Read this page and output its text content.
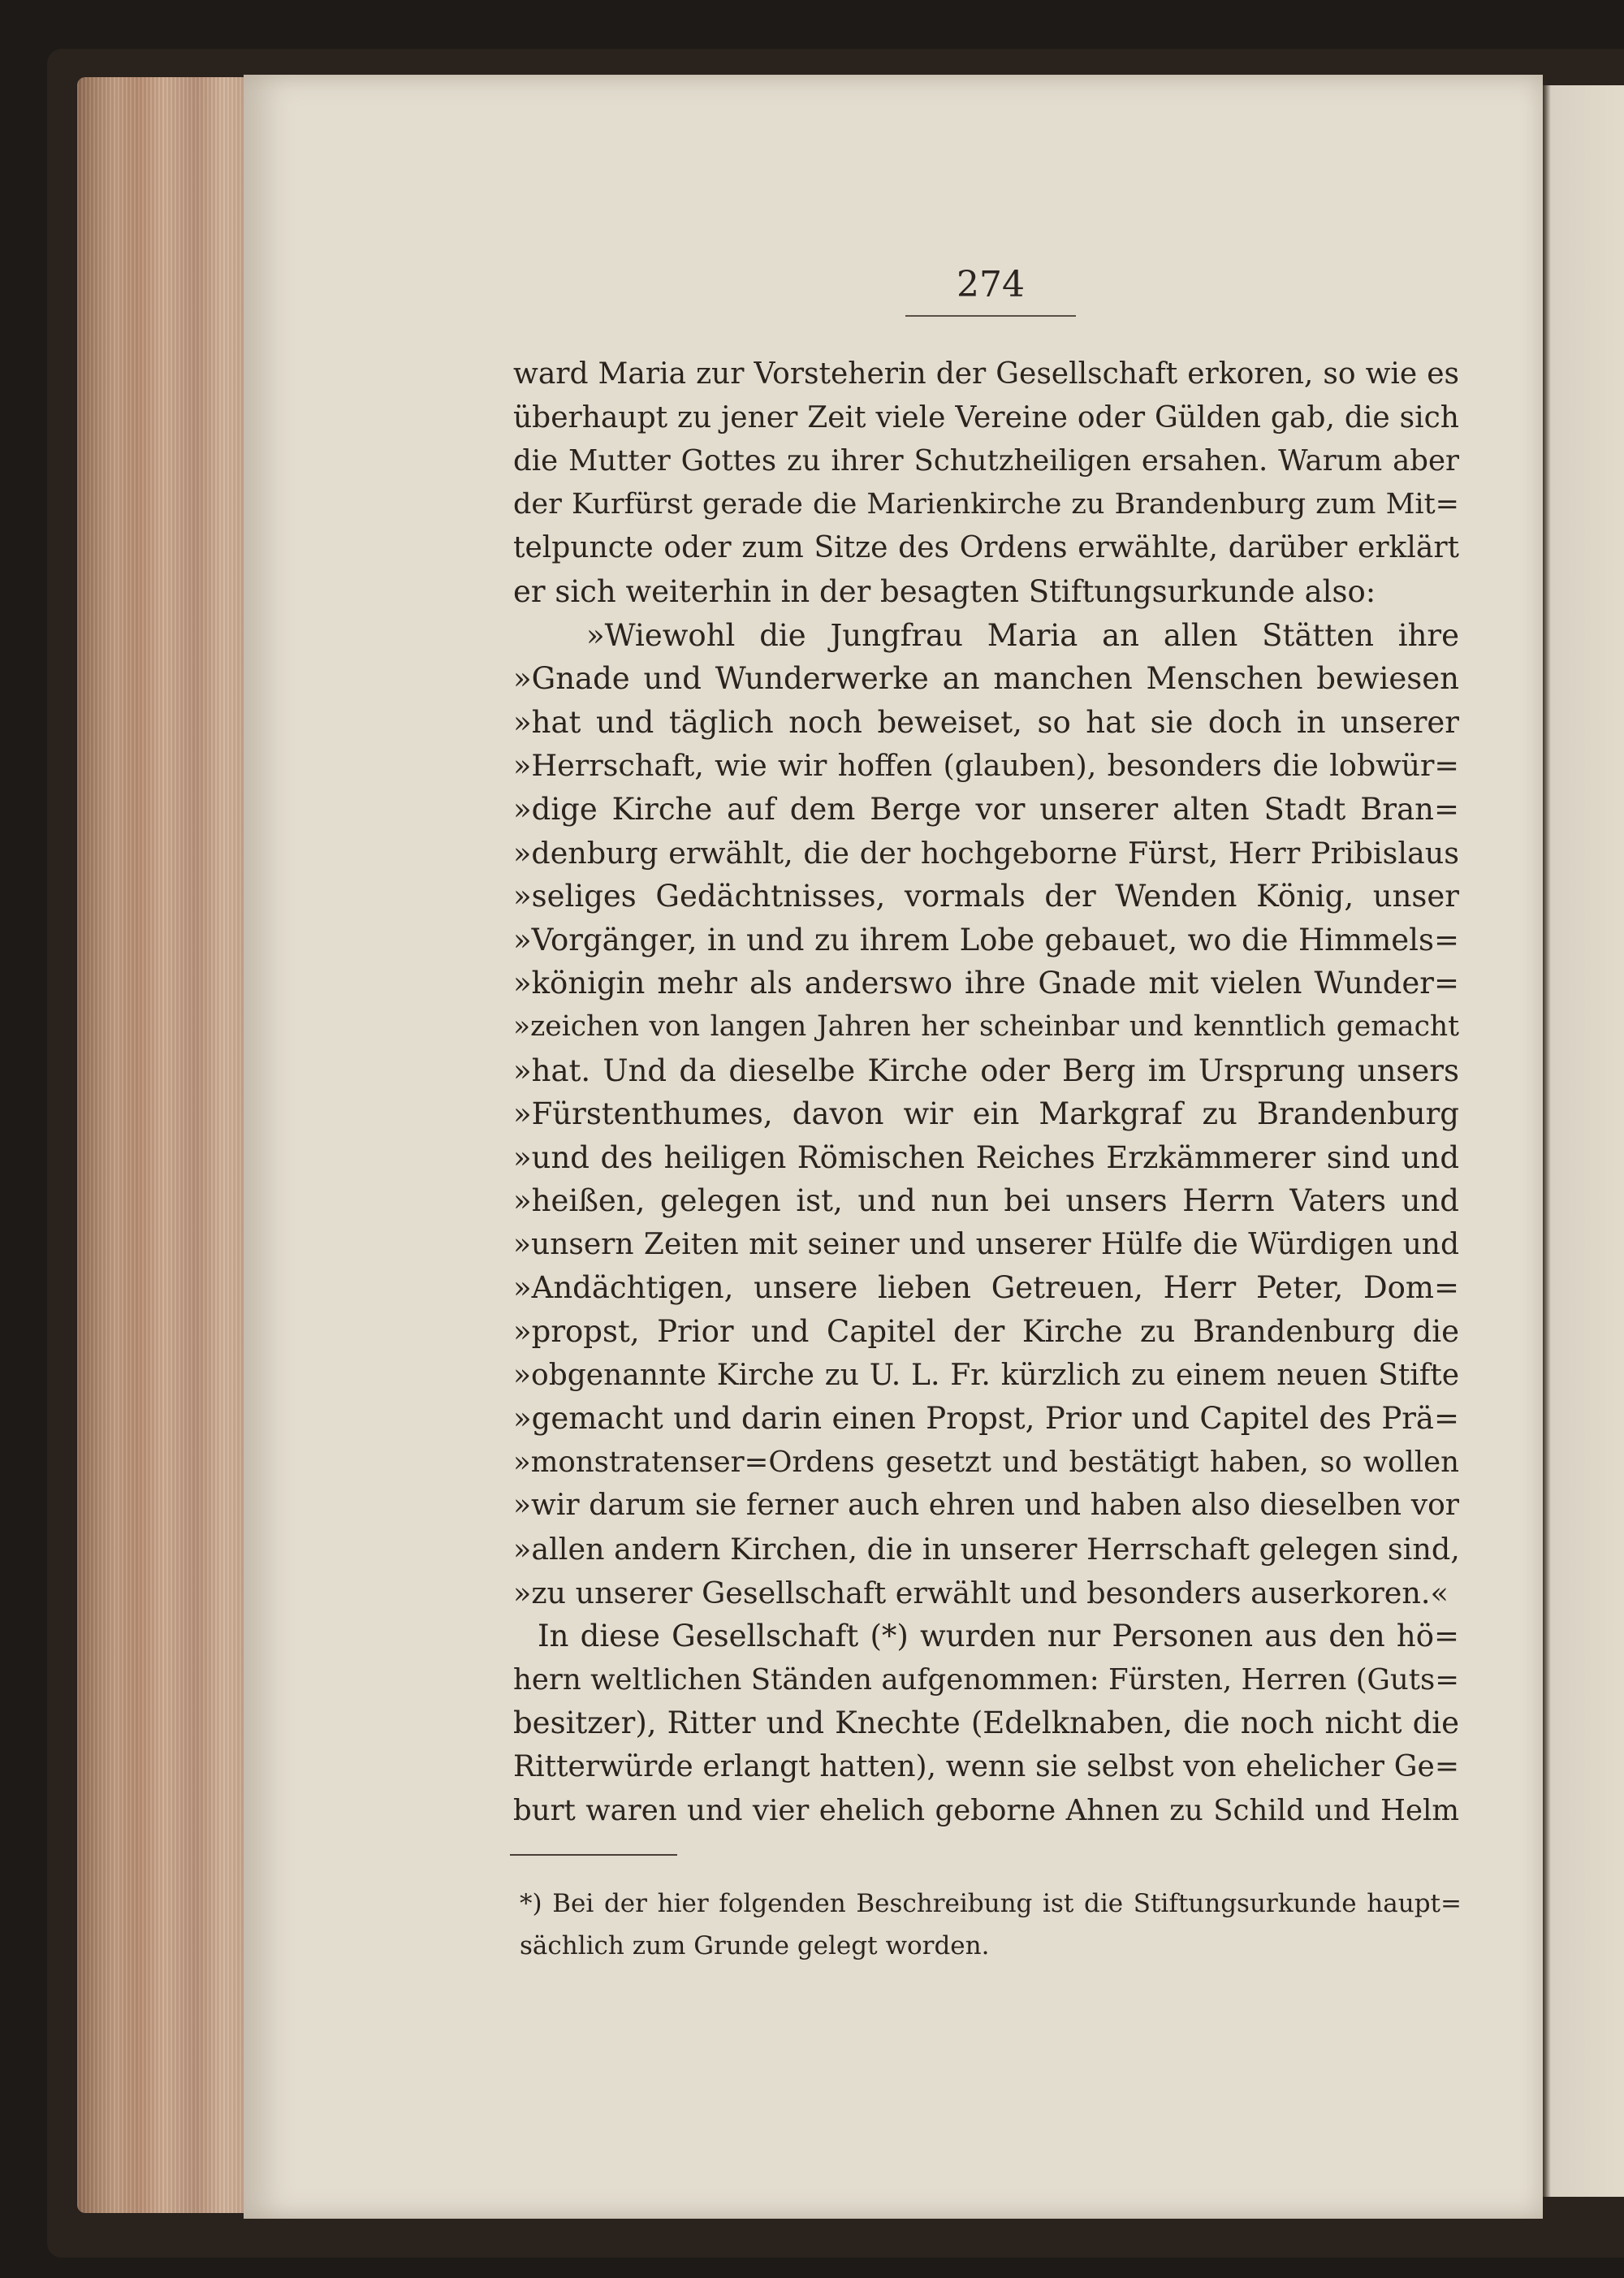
274
ward Maria zur Vorsteherin der Gesellschaft erkoren, so wie es
überhaupt zu jener Zeit viele Vereine oder Gülden gab, die sich
die Mutter Gottes zu ihrer Schutzheiligen ersahen. Warum aber
der Kurfürst gerade die Marienkirche zu Brandenburg zum Mit=
telpuncte oder zum Sitze des Ordens erwählte, darüber erklärt
er sich weiterhin in der besagten Stiftungsurkunde also:
»Wiewohl die Jungfrau Maria an allen Stätten ihre
»Gnade und Wunderwerke an manchen Menschen bewiesen
»hat und täglich noch beweiset, so hat sie doch in unserer
»Herrschaft, wie wir hoffen (glauben), besonders die lobwür=
»dige Kirche auf dem Berge vor unserer alten Stadt Bran=
»denburg erwählt, die der hochgeborne Fürst, Herr Pribislaus
»seliges Gedächtnisses, vormals der Wenden König, unser
»Vorgänger, in und zu ihrem Lobe gebauet, wo die Himmels=
»königin mehr als anderswo ihre Gnade mit vielen Wunder=
»zeichen von langen Jahren her scheinbar und kenntlich gemacht
»hat. Und da dieselbe Kirche oder Berg im Ursprung unsers
»Fürstenthumes, davon wir ein Markgraf zu Brandenburg
»und des heiligen Römischen Reiches Erzkämmerer sind und
»heißen, gelegen ist, und nun bei unsers Herrn Vaters und
»unsern Zeiten mit seiner und unserer Hülfe die Würdigen und
»Andächtigen, unsere lieben Getreuen, Herr Peter, Dom=
»propst, Prior und Capitel der Kirche zu Brandenburg die
»obgenannte Kirche zu U. L. Fr. kürzlich zu einem neuen Stifte
»gemacht und darin einen Propst, Prior und Capitel des Prä=
»monstratenser=Ordens gesetzt und bestätigt haben, so wollen
»wir darum sie ferner auch ehren und haben also dieselben vor
»allen andern Kirchen, die in unserer Herrschaft gelegen sind,
»zu unserer Gesellschaft erwählt und besonders auserkoren.«
In diese Gesellschaft (*) wurden nur Personen aus den hö=
hern weltlichen Ständen aufgenommen: Fürsten, Herren (Guts=
besitzer), Ritter und Knechte (Edelknaben, die noch nicht die
Ritterwürde erlangt hatten), wenn sie selbst von ehelicher Ge=
burt waren und vier ehelich geborne Ahnen zu Schild und Helm
*) Bei der hier folgenden Beschreibung ist die Stiftungsurkunde haupt=
sächlich zum Grunde gelegt worden.
